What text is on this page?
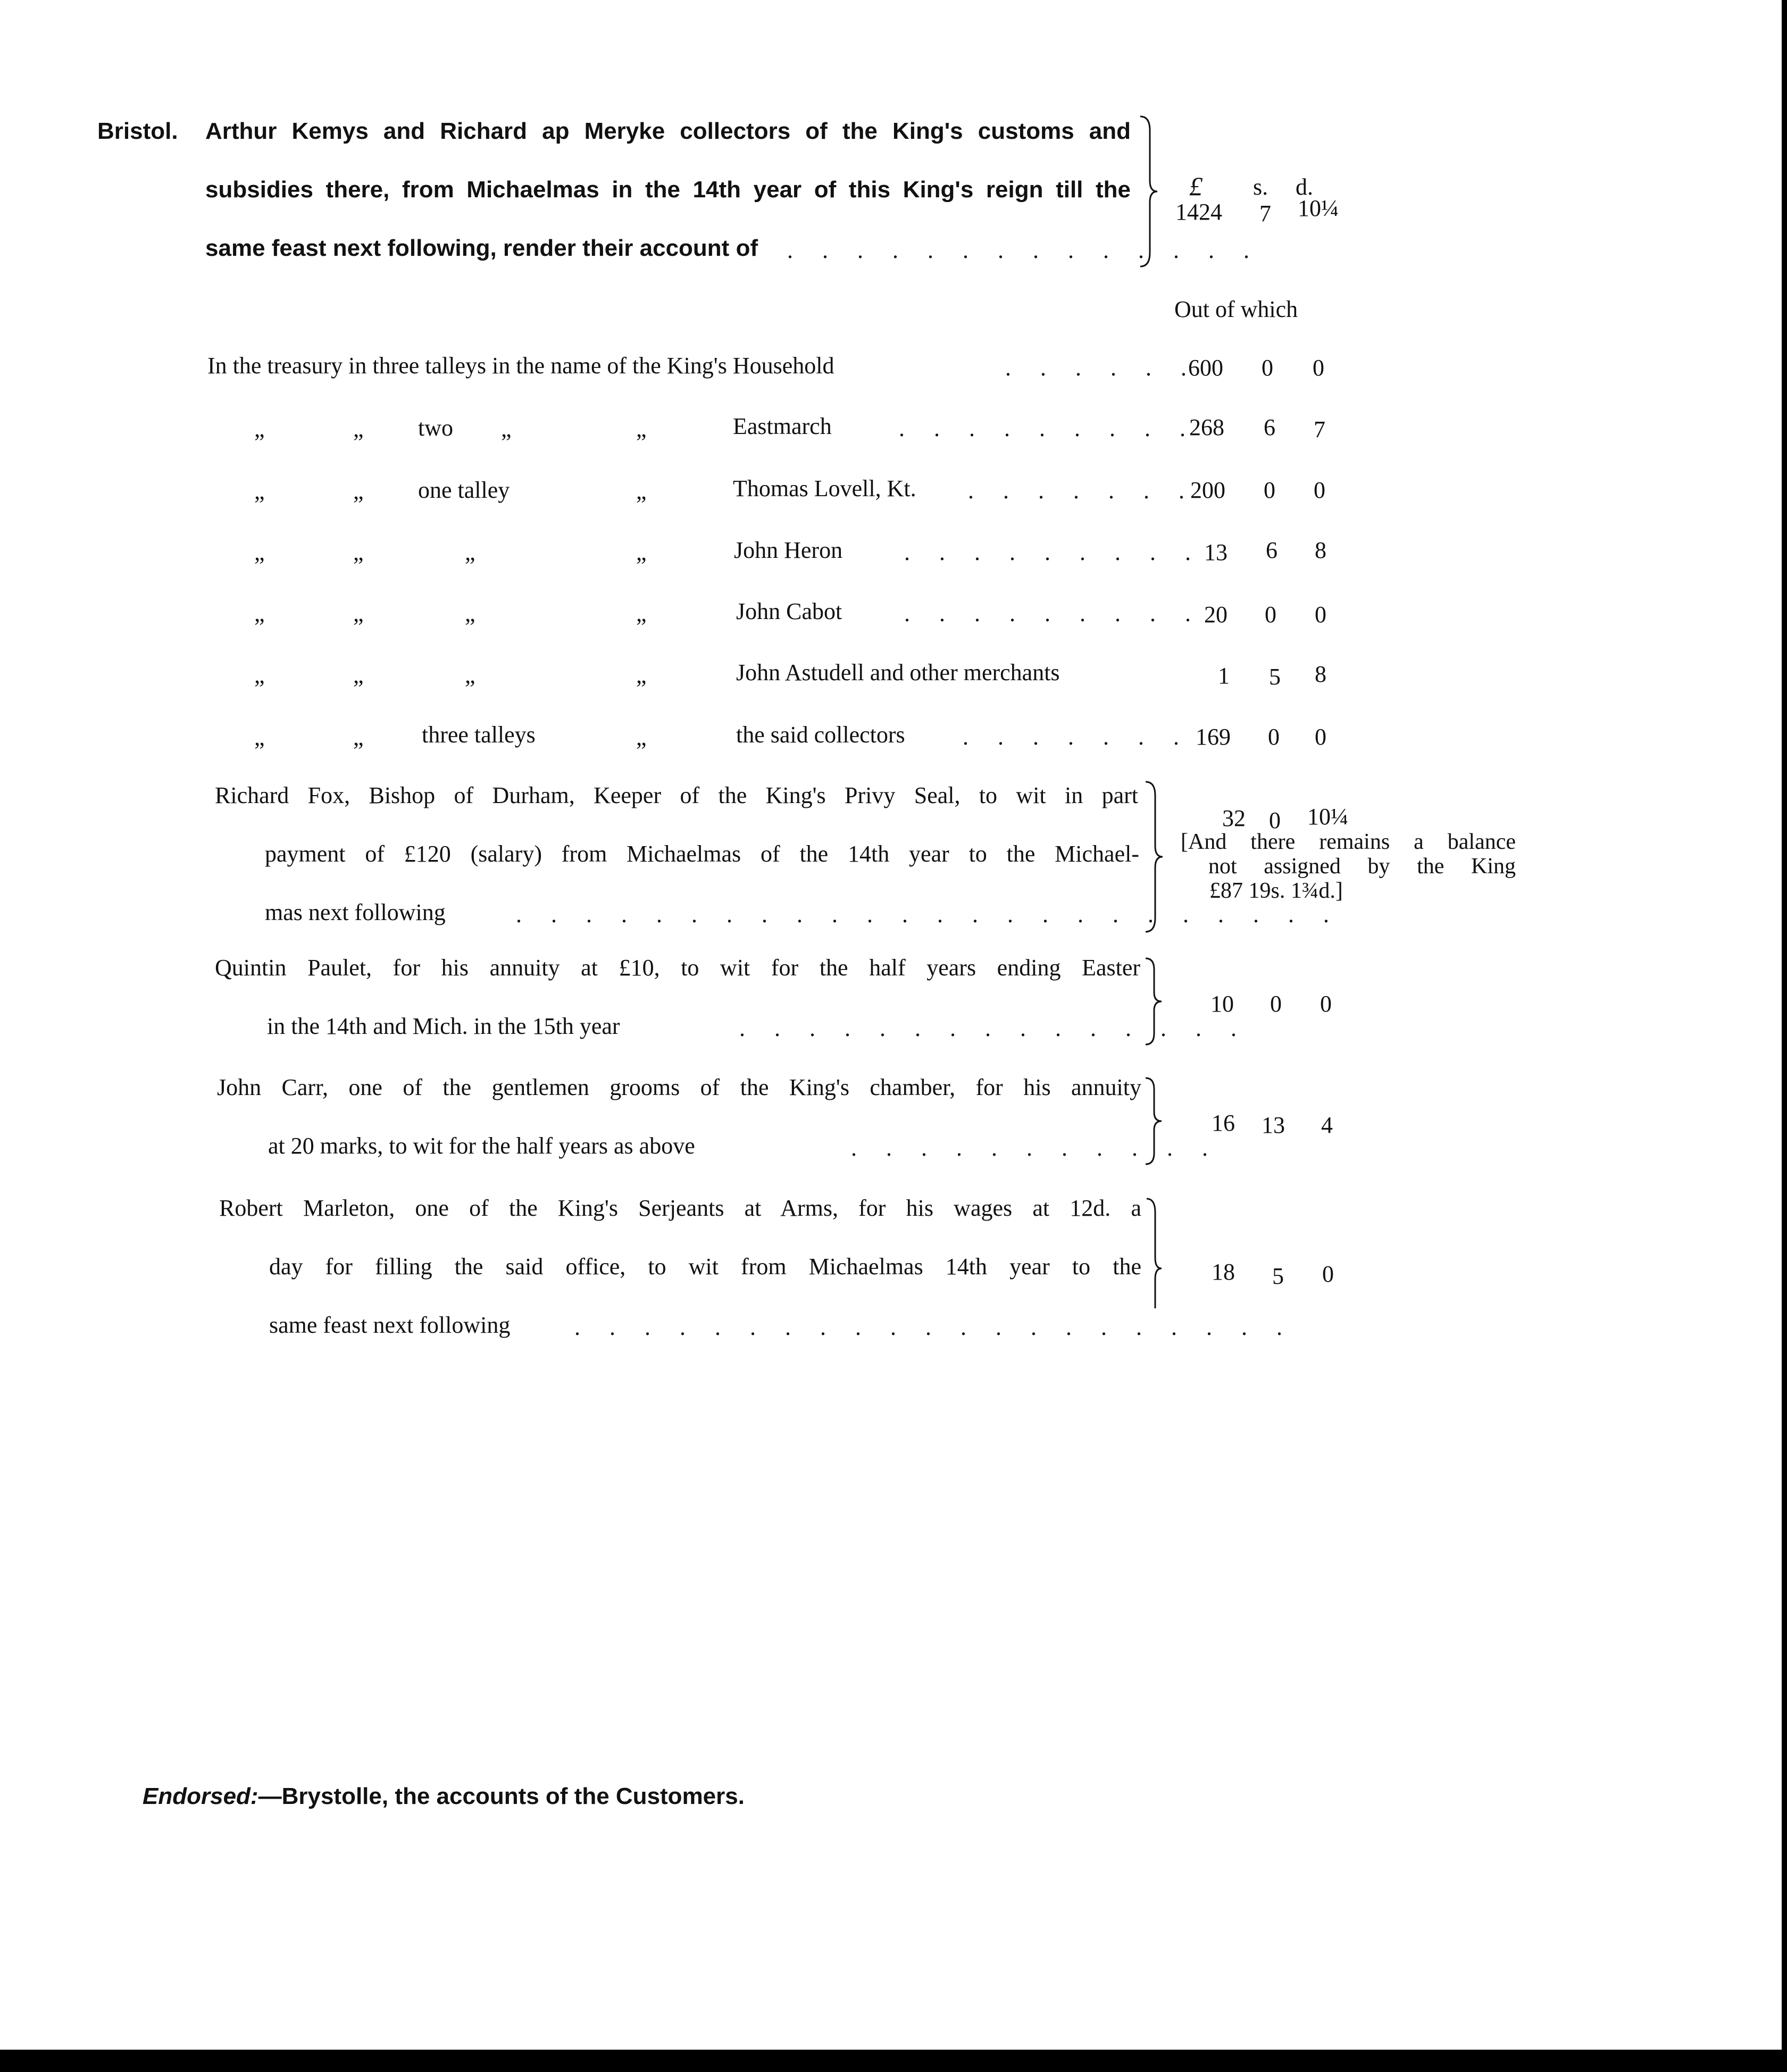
Bristol. Arthur Kemys and Richard ap Meryke collectors of the King's customs and
subsidies there, from Michaelmas in the 14th year of this King's reign till the
same feast next following, render their account of . . . . . . . . . . . . . .
£ s. d.
1424 7 10¼
Out of which
In the treasury in three talleys in the name of the King's Household	. . . . . .
600 0 0
„	„ two „	„	Eastmarch	. . . . . . . . .
268 6 7
„	„ one talley	„	Thomas Lovell, Kt. . . . . . . .
200 0 0
„	„	„	„	John Heron	. . . . . . . . . 13 6 8
„	„	„	„	John Cabot	. . . . . . . . . 20 0 0
„	„	„	„	John Astudell and other merchants	1 5 8
„	„ three talleys	„	the said collectors . . . . . . . 169 0 0
Richard Fox, Bishop of Durham, Keeper of the King's Privy Seal, to wit in part
payment of £120 (salary) from Michaelmas of the 14th year to the Michael-
mas next following	. . . . . . . . . . . . . . . . . . . . . . . .
32 0 10¼
[And there remains a balance
not assigned by the King
£87 19s. 1¾d.]
Quintin Paulet, for his annuity at £10, to wit for the half years ending Easter
in the 14th and Mich. in the 15th year	. . . . . . . . . . . . . . .
10 0 0
John Carr, one of the gentlemen grooms of the King's chamber, for his annuity
at 20 marks, to wit for the half years as above	. . . . . . . . . . .
16 13 4
Robert Marleton, one of the King's Serjeants at Arms, for his wages at 12d. a
day for filling the said office, to wit from Michaelmas 14th year to the
same feast next following	. . . . . . . . . . . . . . . . . . . . .
18 5 0
Endorsed:—Brystolle, the accounts of the Customers.
